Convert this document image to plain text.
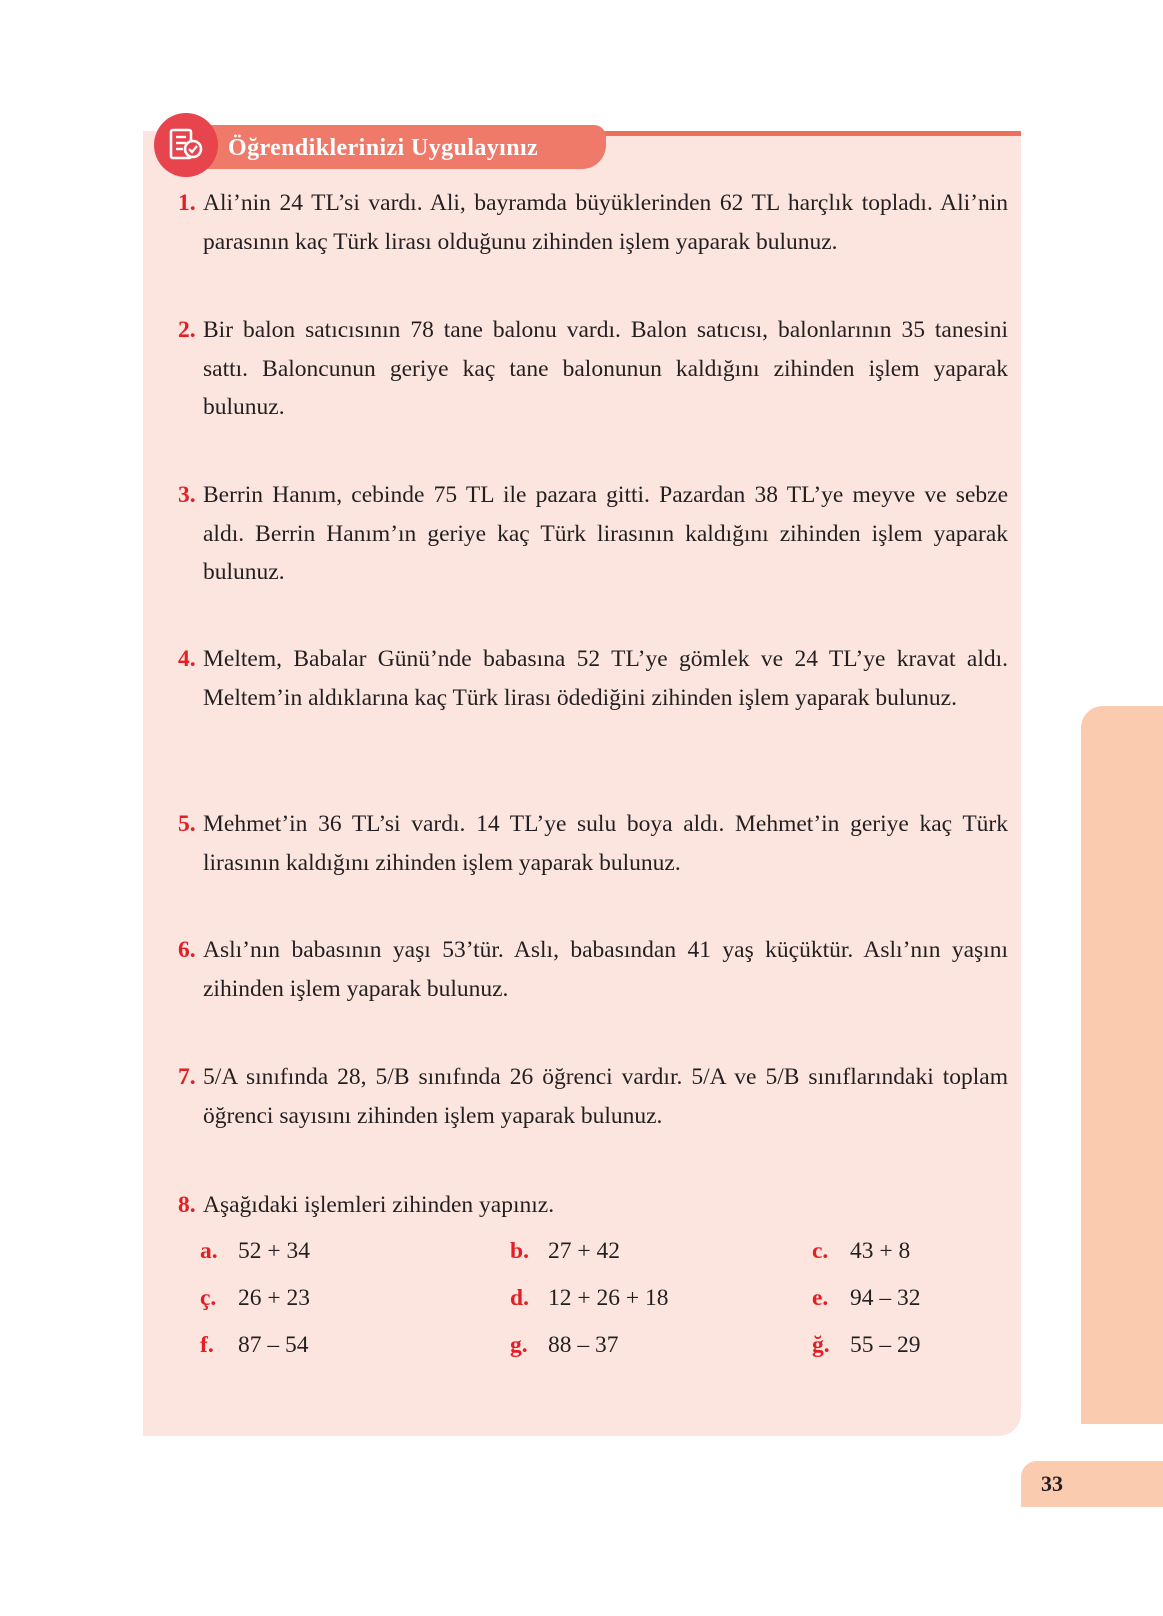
Öğrendiklerinizi Uygulayınız
1. Ali’nin 24 TL’si vardı. Ali, bayramda büyüklerinden 62 TL harçlık topladı. Ali’nin parasının kaç Türk lirası olduğunu zihinden işlem yaparak bulunuz.
2. Bir balon satıcısının 78 tane balonu vardı. Balon satıcısı, balonlarının 35 tanesini sattı. Baloncunun geriye kaç tane balonunun kaldığını zihinden işlem yaparak bulunuz.
3. Berrin Hanım, cebinde 75 TL ile pazara gitti. Pazardan 38 TL’ye meyve ve sebze aldı. Berrin Hanım’ın geriye kaç Türk lirasının kaldığını zihinden işlem yaparak bulunuz.
4. Meltem, Babalar Günü’nde babasına 52 TL’ye gömlek ve 24 TL’ye kravat aldı. Meltem’in aldıklarına kaç Türk lirası ödediğini zihinden işlem yaparak bulunuz.
5. Mehmet’in 36 TL’si vardı. 14 TL’ye sulu boya aldı. Mehmet’in geriye kaç Türk lirasının kaldığını zihinden işlem yaparak bulunuz.
6. Aslı’nın babasının yaşı 53’tür. Aslı, babasından 41 yaş küçüktür. Aslı’nın yaşını zihinden işlem yaparak bulunuz.
7. 5/A sınıfında 28, 5/B sınıfında 26 öğrenci vardır. 5/A ve 5/B sınıflarındaki toplam öğrenci sayısını zihinden işlem yaparak bulunuz.
8. Aşağıdaki işlemleri zihinden yapınız.
a. 52 + 34	b. 27 + 42	c. 43 + 8
ç. 26 + 23	d. 12 + 26 + 18	e. 94 – 32
f. 87 – 54	g. 88 – 37	ğ. 55 – 29
33
